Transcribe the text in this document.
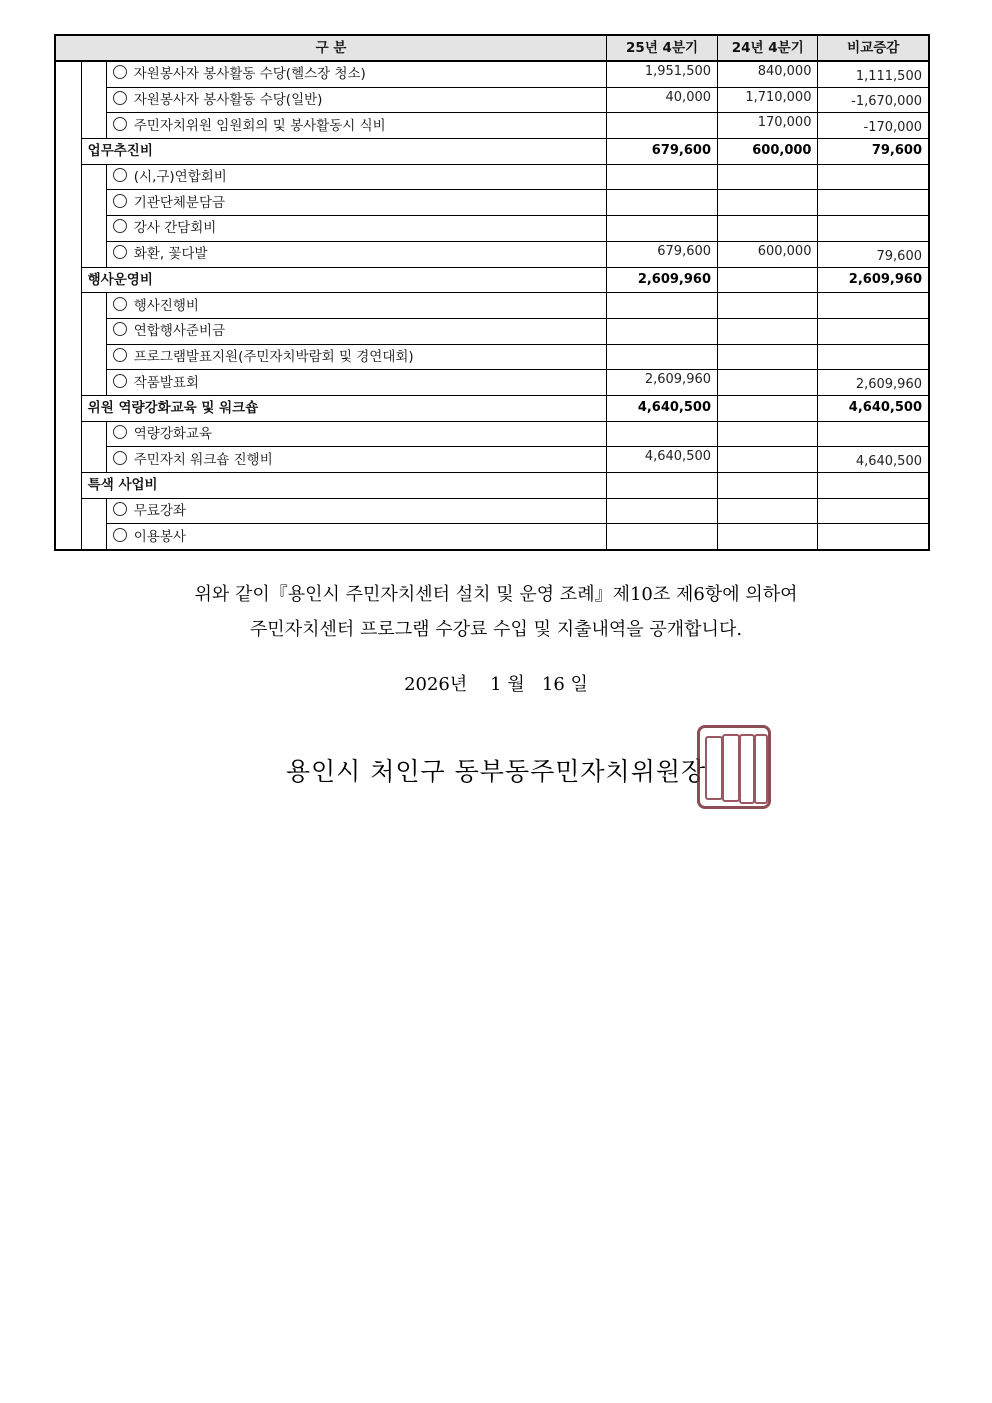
구 분			25년 4분기	24년 4분기	비교증감
		자원봉사자 봉사활동 수당(헬스장 청소)	1,951,500	840,000	1,111,500
		자원봉사자 봉사활동 수당(일반)	40,000	1,710,000	-1,670,000
		주민자치위원 임원회의 및 봉사활동시 식비		170,000	-170,000
	업무추진비		679,600	600,000	79,600
		(시,구)연합회비			
		기관단체분담금			
		강사 간담회비			
		화환, 꽃다발	679,600	600,000	79,600
	행사운영비		2,609,960		2,609,960
		행사진행비			
		연합행사준비금			
		프로그램발표지원(주민자치박람회 및 경연대회)			
		작품발표회	2,609,960		2,609,960
	위원 역량강화교육 및 워크숍		4,640,500		4,640,500
		역량강화교육			
		주민자치 워크숍 진행비	4,640,500		4,640,500
	특색 사업비				
		무료강좌			
		이용봉사			
위와 같이『용인시 주민자치센터 설치 및 운영 조례』제10조 제6항에 의하여
주민자치센터 프로그램 수강료 수입 및 지출내역을 공개합니다.
2026년    1 월   16 일
용인시 처인구 동부동주민자치위원장
